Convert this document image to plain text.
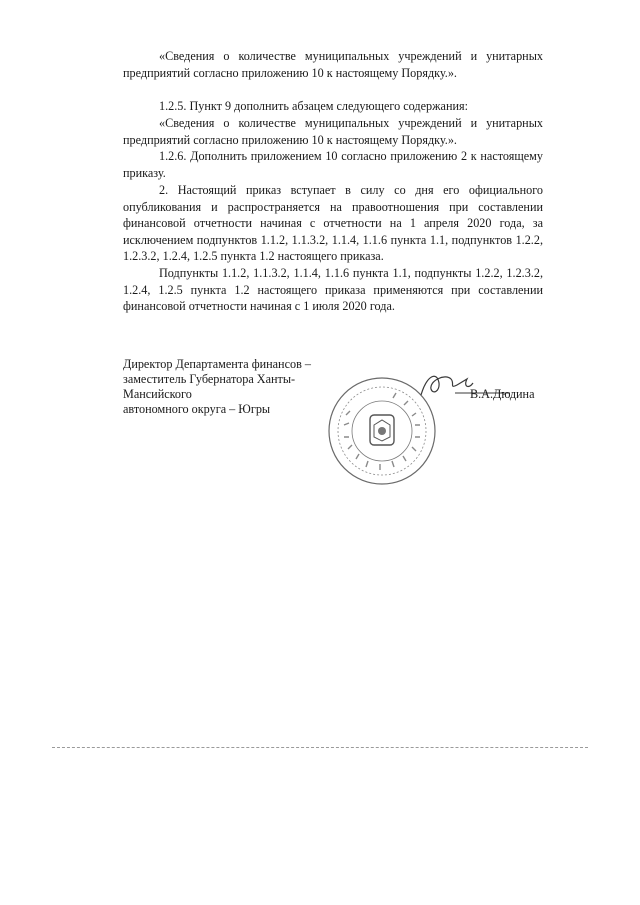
«Сведения о количестве муниципальных учреждений и унитарных предприятий согласно приложению 10 к настоящему Порядку.».

1.2.5. Пункт 9 дополнить абзацем следующего содержания:

«Сведения о количестве муниципальных учреждений и унитарных предприятий согласно приложению 10 к настоящему Порядку.».

1.2.6. Дополнить приложением 10 согласно приложению 2 к настоящему приказу.

2. Настоящий приказ вступает в силу со дня его официального опубликования и распространяется на правоотношения при составлении финансовой отчетности начиная с отчетности на 1 апреля 2020 года, за исключением подпунктов 1.1.2, 1.1.3.2, 1.1.4, 1.1.6 пункта 1.1, подпунктов 1.2.2, 1.2.3.2, 1.2.4, 1.2.5 пункта 1.2 настоящего приказа.

Подпункты 1.1.2, 1.1.3.2, 1.1.4, 1.1.6 пункта 1.1, подпункты 1.2.2, 1.2.3.2, 1.2.4, 1.2.5 пункта 1.2 настоящего приказа применяются при составлении финансовой отчетности начиная с 1 июля 2020 года.

Директор Департамента финансов –
заместитель Губернатора Ханты-Мансийского
автономного округа – Югры
В.А.Дюдина
